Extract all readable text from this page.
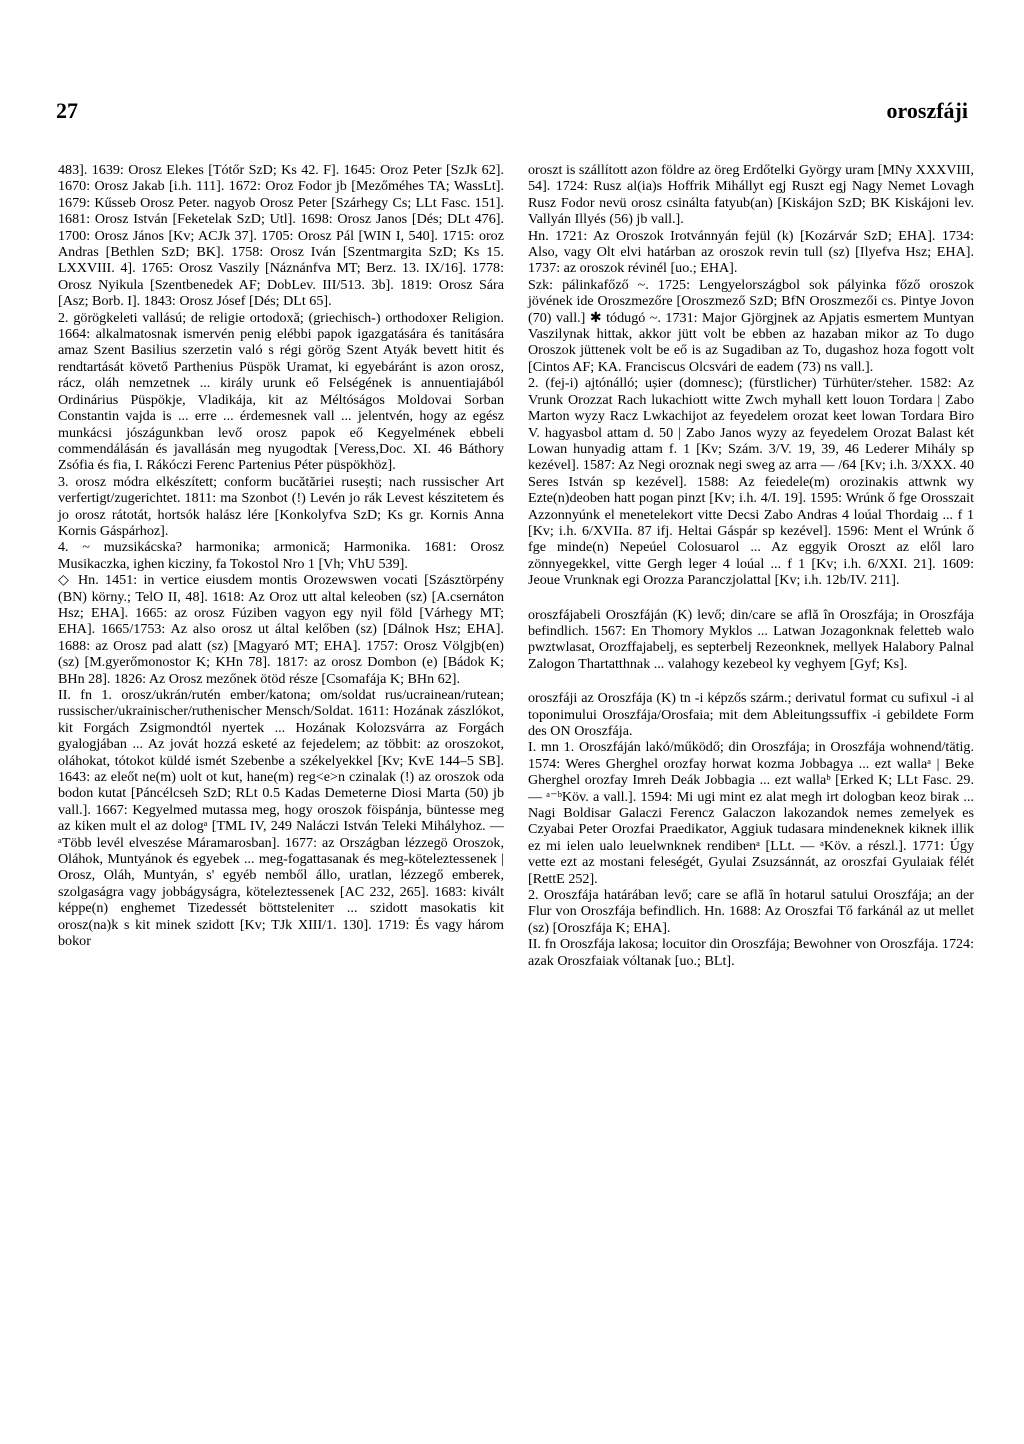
27	oroszfáji

483]. 1639: Orosz Elekes [Tótőr SzD; Ks 42. F]. 1645: Oroz Peter [SzJk 62]. 1670: Orosz Jakab [i.h. 111]. 1672: Oroz Fodor jb [Mezőméhes TA; WassLt]. 1679: Kűsseb Orosz Peter. nagyob Orosz Peter [Szárhegy Cs; LLt Fasc. 151]. 1681: Orosz István [Feketelak SzD; Utl]. 1698: Orosz Janos [Dés; DLt 476]. 1700: Orosz János [Kv; ACJk 37]. 1705: Orosz Pál [WIN I, 540]. 1715: oroz Andras [Bethlen SzD; BK]. 1758: Orosz Iván [Szentmargita SzD; Ks 15. LXXVIII. 4]. 1765: Orosz Vaszily [Náznánfva MT; Berz. 13. IX/16]. 1778: Orosz Nyikula [Szentbenedek AF; DobLev. III/513. 3b]. 1819: Orosz Sára [Asz; Borb. I]. 1843: Orosz Jósef [Dés; DLt 65].

2. görögkeleti vallású; de religie ortodoxă; (griechisch-) orthodoxer Religion. 1664: alkalmatosnak ismervén penig elébbi papok igazgatására és tanitására amaz Szent Basilius szerzetin való s régi görög Szent Atyák bevett hitit és rendtartását követő Parthenius Püspök Uramat, ki egyebáránt is azon orosz, rácz, oláh nemzetnek ... király urunk eő Felségének is annuentiajából Ordinárius Püspökje, Vladikája, kit az Méltóságos Moldovai Sorban Constantin vajda is ... erre ... érdemesnek vall ... jelentvén, hogy az egész munkácsi jószágunkban levő orosz papok eő Kegyelmének ebbeli commendálásán és javallásán meg nyugodtak [Veress,Doc. XI. 46 Báthory Zsófia és fia, I. Rákóczi Ferenc Partenius Péter püspökhöz].

3. orosz módra elkészített; conform bucătăriei rusești; nach russischer Art verfertigt/zugerichtet. 1811: ma Szonbot (!) Levén jo rák Levest készitetem és jo orosz rátotát, hortsók halász lére [Konkolyfva SzD; Ks gr. Kornis Anna Kornis Gáspárhoz].

4. ~ muzsikácska? harmonika; armonică; Harmonika. 1681: Orosz Musikaczka, ighen kicziny, fa Tokostol Nro 1 [Vh; VhU 539].

◇ Hn. 1451: in vertice eiusdem montis Orozewswen vocati [Szásztörpény (BN) körny.; TelO II, 48]. 1618: Az Oroz utt altal keleoben (sz) [A.csernáton Hsz; EHA]. 1665: az orosz Fúziben vagyon egy nyil föld [Várhegy MT; EHA]. 1665/1753: Az also orosz ut által kelőben (sz) [Dálnok Hsz; EHA]. 1688: az Orosz pad alatt (sz) [Magyaró MT; EHA]. 1757: Orosz Völgjb(en) (sz) [M.gyerőmonostor K; KHn 78]. 1817: az orosz Dombon (e) [Bádok K; BHn 28]. 1826: Az Orosz mezőnek ötöd része [Csomafája K; BHn 62].

II. fn 1. orosz/ukrán/rutén ember/katona; om/soldat rus/ucrainean/rutean; russischer/ukrainischer/ruthenischer Mensch/Soldat. 1611: Hozának zászlókot, kit Forgách Zsigmondtól nyertek ... Hozának Kolozsvárra az Forgách gyalogjában ... Az jovát hozzá esketé az fejedelem; az többit: az oroszokot, oláhokat, tótokot küldé ismét Szebenbe a székelyekkel [Kv; KvE 144–5 SB]. 1643: az eleőt ne(m) uolt ot kut, hane(m) reg<e>n czinalak (!) az oroszok oda bodon kutat [Páncélcseh SzD; RLt 0.5 Kadas Demeterne Diosi Marta (50) jb vall.]. 1667: Kegyelmed mutassa meg, hogy oroszok föispánja, büntesse meg az kiken mult el az dologᵃ [TML IV, 249 Naláczi István Teleki Mihályhoz. — ᵃTöbb levél elveszése Máramarosban]. 1677: az Országban lézzegö Oroszok, Oláhok, Muntyánok és egyebek ... meg-fogattasanak és meg-köteleztessenek | Orosz, Oláh, Muntyán, s' egyéb nemből állo, uratlan, lézzegő emberek, szolgaságra vagy jobbágyságra, köteleztessenek [AC 232, 265]. 1683: kivált képpe(n) enghemet Tizedessét böttsteleniteт ... szidott masokatis kit orosz(na)k s kit minek szidott [Kv; TJk XIII/1. 130]. 1719: És vagy három bokor

oroszt is szállított azon földre az öreg Erdőtelki György uram [MNy XXXVIII, 54]. 1724: Rusz al(ia)s Hoffrik Mihállyt egj Ruszt egj Nagy Nemet Lovagh Rusz Fodor nevü orosz csinálta fatyub(an) [Kiskájon SzD; BK Kiskájoni lev. Vallyán Illyés (56) jb vall.].

Hn. 1721: Az Oroszok Irotvánnyán fejül (k) [Kozárvár SzD; EHA]. 1734: Also, vagy Olt elvi határban az oroszok revin tull (sz) [Ilyefva Hsz; EHA]. 1737: az oroszok révinél [uo.; EHA].

Szk: pálinkafőző ~. 1725: Lengyelországbol sok pályinka főző oroszok jövének ide Oroszmezőre [Oroszmező SzD; BfN Oroszmezői cs. Pintye Jovon (70) vall.] ✱ tódugó ~. 1731: Major Gjörgjnek az Apjatis esmertem Muntyan Vaszilynak hittak, akkor jütt volt be ebben az hazaban mikor az To dugo Oroszok jüttenek volt be eő is az Sugadiban az To, dugashoz hoza fogott volt [Cintos AF; KA. Franciscus Olcsvári de eadem (73) ns vall.].

2. (fej-i) ajtónálló; ușier (domnesc); (fürstlicher) Türhüter/steher. 1582: Az Vrunk Orozzat Rach lukachiott witte Zwch myhall kett louon Tordara | Zabo Marton wyzy Racz Lwkachijot az feyedelem orozat keet lowan Tordara Biro V. hagyasbol attam d. 50 | Zabo Janos wyzy az feyedelem Orozat Balast két Lowan hunyadig attam f. 1 [Kv; Szám. 3/V. 19, 39, 46 Lederer Mihály sp kezével]. 1587: Az Negi oroznak negi sweg az arra — /64 [Kv; i.h. 3/XXX. 40 Seres István sp kezével]. 1588: Az feiedele(m) orozinakis attwnk wy Ezte(n)deoben hatt pogan pinzt [Kv; i.h. 4/I. 19]. 1595: Wrúnk ő fge Orosszait Azzonnyúnk el menetelekort vitte Decsi Zabo Andras 4 loúal Thordaig ... f 1 [Kv; i.h. 6/XVIIa. 87 ifj. Heltai Gáspár sp kezével]. 1596: Ment el Wrúnk ő fge minde(n) Nepeúel Colosuarol ... Az eggyik Oroszt az elől laro zönnyegekkel, vitte Gergh leger 4 loúal ... f 1 [Kv; i.h. 6/XXI. 21]. 1609: Jeoue Vrunknak egi Orozza Paranczjolattal [Kv; i.h. 12b/IV. 211].

oroszfájabeli Oroszfáján (K) levő; din/care se află în Oroszfája; in Oroszfája befindlich. 1567: En Thomory Myklos ... Latwan Jozagonknak feletteb walo pwztwlasat, Orozffajabelj, es septerbelj Rezeonknek, mellyek Halabory Palnal Zalogon Thartatthnak ... valahogy kezebeol ky veghyem [Gyf; Ks].

oroszfáji az Oroszfája (K) tn -i képzős szárm.; derivatul format cu sufixul -i al toponimului Oroszfája/Orosfaia; mit dem Ableitungssuffix -i gebildete Form des ON Oroszfája.

I. mn 1. Oroszfáján lakó/működő; din Oroszfája; in Oroszfája wohnend/tätig. 1574: Weres Gherghel orozfay horwat kozma Jobbagya ... ezt wallaᵃ | Beke Gherghel orozfay Imreh Deák Jobbagia ... ezt wallaᵇ [Erked K; LLt Fasc. 29. — ᵃ⁻ᵇKöv. a vall.]. 1594: Mi ugi mint ez alat megh irt dologban keoz birak ... Nagi Boldisar Galaczi Ferencz Galaczon lakozandok nemes zemelyek es Czyabai Peter Orozfai Praedikator, Aggiuk tudasara mindeneknek kiknek illik ez mi ielen ualo leuelwnknek rendibenᵃ [LLt. — ᵃKöv. a részl.]. 1771: Úgy vette ezt az mostani feleségét, Gyulai Zsuzsánnát, az oroszfai Gyulaiak félét [RettE 252].

2. Oroszfája határában levő; care se află în hotarul satului Oroszfája; an der Flur von Oroszfája befindlich. Hn. 1688: Az Oroszfai Tő farkánál az ut mellet (sz) [Oroszfája K; EHA].

II. fn Oroszfája lakosa; locuitor din Oroszfája; Bewohner von Oroszfája. 1724: azak Oroszfaiak vóltanak [uo.; BLt].
